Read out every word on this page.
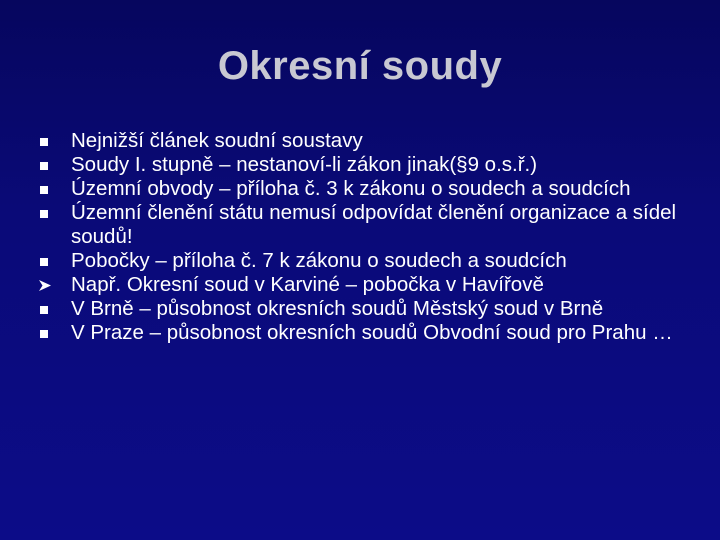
Okresní soudy
Nejnižší článek soudní soustavy
Soudy I. stupně – nestanoví-li zákon jinak(§9 o.s.ř.)
Územní obvody – příloha č. 3 k zákonu o soudech a soudcích
Územní členění státu nemusí odpovídat členění organizace a sídel soudů!
Pobočky – příloha č. 7 k zákonu o soudech a soudcích
Např. Okresní soud v Karviné – pobočka v Havířově
V Brně – působnost okresních soudů Městský soud v Brně
V Praze – působnost okresních soudů Obvodní soud pro Prahu …
